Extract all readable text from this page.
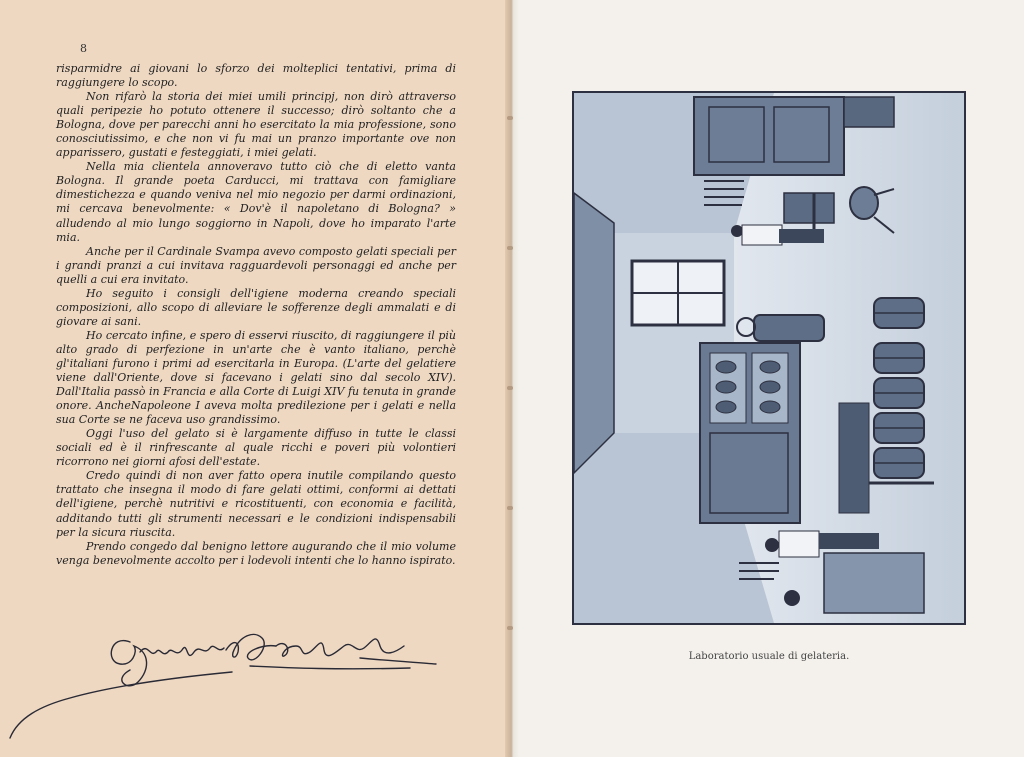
8

risparmidre ai giovani lo sforzo dei molteplici tentativi, prima di raggiungere lo scopo.

Non rifarò la storia dei miei umili principj, non dirò attraverso quali peripezie ho potuto ottenere il successo; dirò soltanto che a Bologna, dove per parecchi anni ho esercitato la mia professione, sono conosciutissimo, e che non vi fu mai un pranzo importante ove non apparissero, gustati e festeggiati, i miei gelati.

Nella mia clientela annoveravo tutto ciò che di eletto vanta Bologna. Il grande poeta Carducci, mi trattava con famigliare dimestichezza e quando veniva nel mio negozio per darmi ordinazioni, mi cercava benevolmente: « Dov'è il napoletano di Bologna? » alludendo al mio lungo soggiorno in Napoli, dove ho imparato l'arte mia.

Anche per il Cardinale Svampa avevo composto gelati speciali per i grandi pranzi a cui invitava ragguardevoli personaggi ed anche per quelli a cui era invitato.

Ho seguito i consigli dell'igiene moderna creando speciali composizioni, allo scopo di alleviare le sofferenze degli ammalati e di giovare ai sani.

Ho cercato infine, e spero di esservi riuscito, di raggiungere il più alto grado di perfezione in un'arte che è vanto italiano, perchè gl'italiani furono i primi ad esercitarla in Europa. (L'arte del gelatiere viene dall'Oriente, dove si facevano i gelati sino dal secolo XIV). Dall'Italia passò in Francia e alla Corte di Luigi XIV fu tenuta in grande onore. AncheNapoleone I aveva molta predilezione per i gelati e nella sua Corte se ne faceva uso grandissimo.

Oggi l'uso del gelato si è largamente diffuso in tutte le classi sociali ed è il rinfrescante al quale ricchi e poveri più volontieri ricorrono nei giorni afosi dell'estate.

Credo quindi di non aver fatto opera inutile compilando questo trattato che insegna il modo di fare gelati ottimi, conformi ai dettati dell'igiene, perchè nutritivi e ricostituenti, con economia e facilità, additando tutti gli strumenti necessari e le condizioni indispensabili per la sicura riuscita.

Prendo congedo dal benigno lettore augurando che il mio volume venga benevolmente accolto per i lodevoli intenti che lo hanno ispirato.

Laboratorio usuale di gelateria.
